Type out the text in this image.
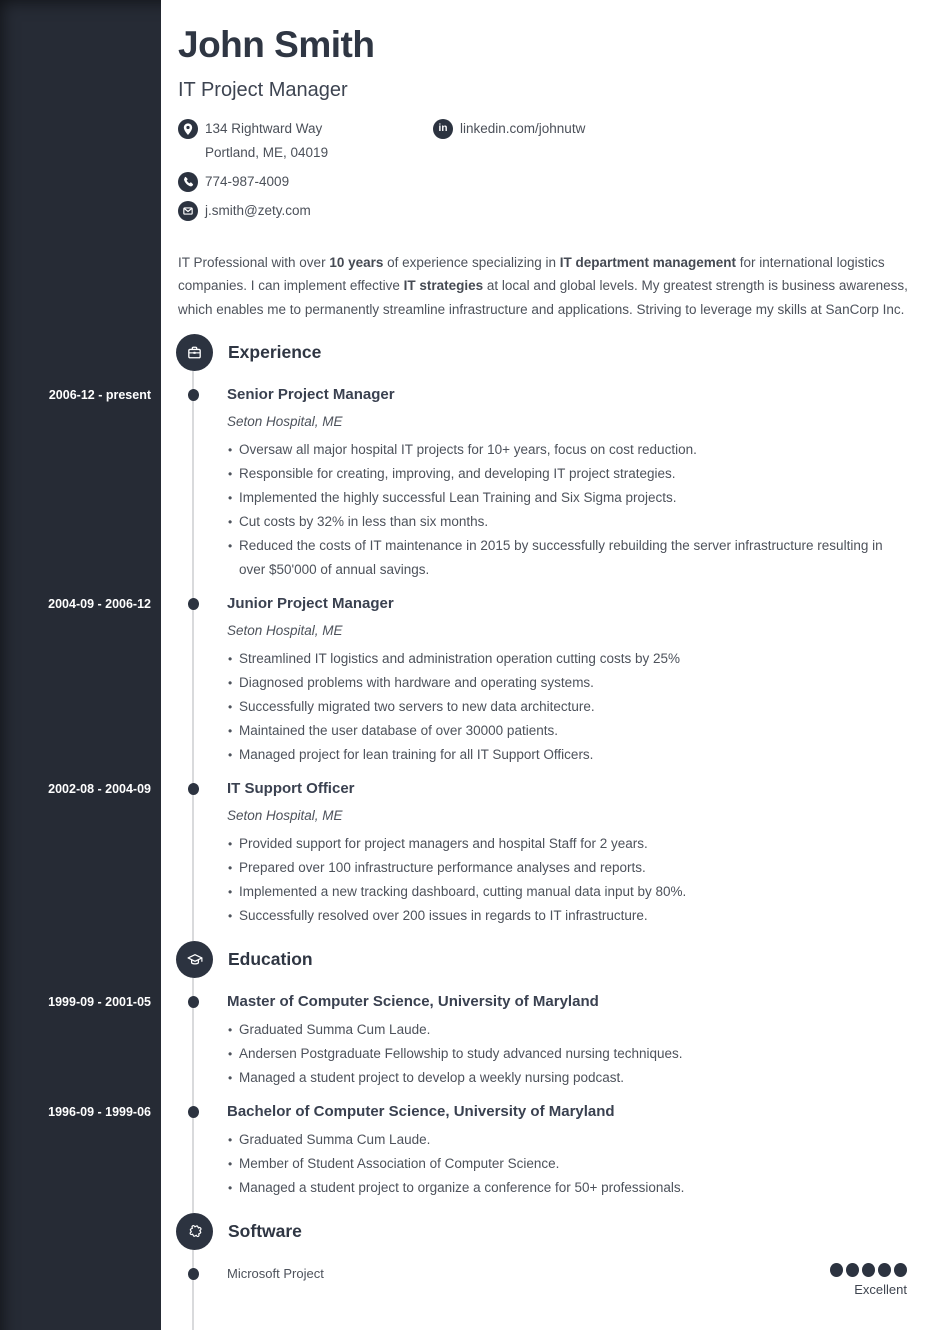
John Smith
IT Project Manager
134 Rightward Way
Portland, ME, 04019
774-987-4009
j.smith@zety.com
in linkedin.com/johnutw

IT Professional with over 10 years of experience specializing in IT department management for international logistics companies. I can implement effective IT strategies at local and global levels. My greatest strength is business awareness, which enables me to permanently streamline infrastructure and applications. Striving to leverage my skills at SanCorp Inc.

Experience
2006-12 - present	Senior Project Manager
Seton Hospital, ME
• Oversaw all major hospital IT projects for 10+ years, focus on cost reduction.
• Responsible for creating, improving, and developing IT project strategies.
• Implemented the highly successful Lean Training and Six Sigma projects.
• Cut costs by 32% in less than six months.
• Reduced the costs of IT maintenance in 2015 by successfully rebuilding the server infrastructure resulting in over $50'000 of annual savings.
2004-09 - 2006-12	Junior Project Manager
Seton Hospital, ME
• Streamlined IT logistics and administration operation cutting costs by 25%
• Diagnosed problems with hardware and operating systems.
• Successfully migrated two servers to new data architecture.
• Maintained the user database of over 30000 patients.
• Managed project for lean training for all IT Support Officers.
2002-08 - 2004-09	IT Support Officer
Seton Hospital, ME
• Provided support for project managers and hospital Staff for 2 years.
• Prepared over 100 infrastructure performance analyses and reports.
• Implemented a new tracking dashboard, cutting manual data input by 80%.
• Successfully resolved over 200 issues in regards to IT infrastructure.
Education
1999-09 - 2001-05	Master of Computer Science, University of Maryland
• Graduated Summa Cum Laude.
• Andersen Postgraduate Fellowship to study advanced nursing techniques.
• Managed a student project to develop a weekly nursing podcast.
1996-09 - 1999-06	Bachelor of Computer Science, University of Maryland
• Graduated Summa Cum Laude.
• Member of Student Association of Computer Science.
• Managed a student project to organize a conference for 50+ professionals.
Software
Microsoft Project
Excellent
